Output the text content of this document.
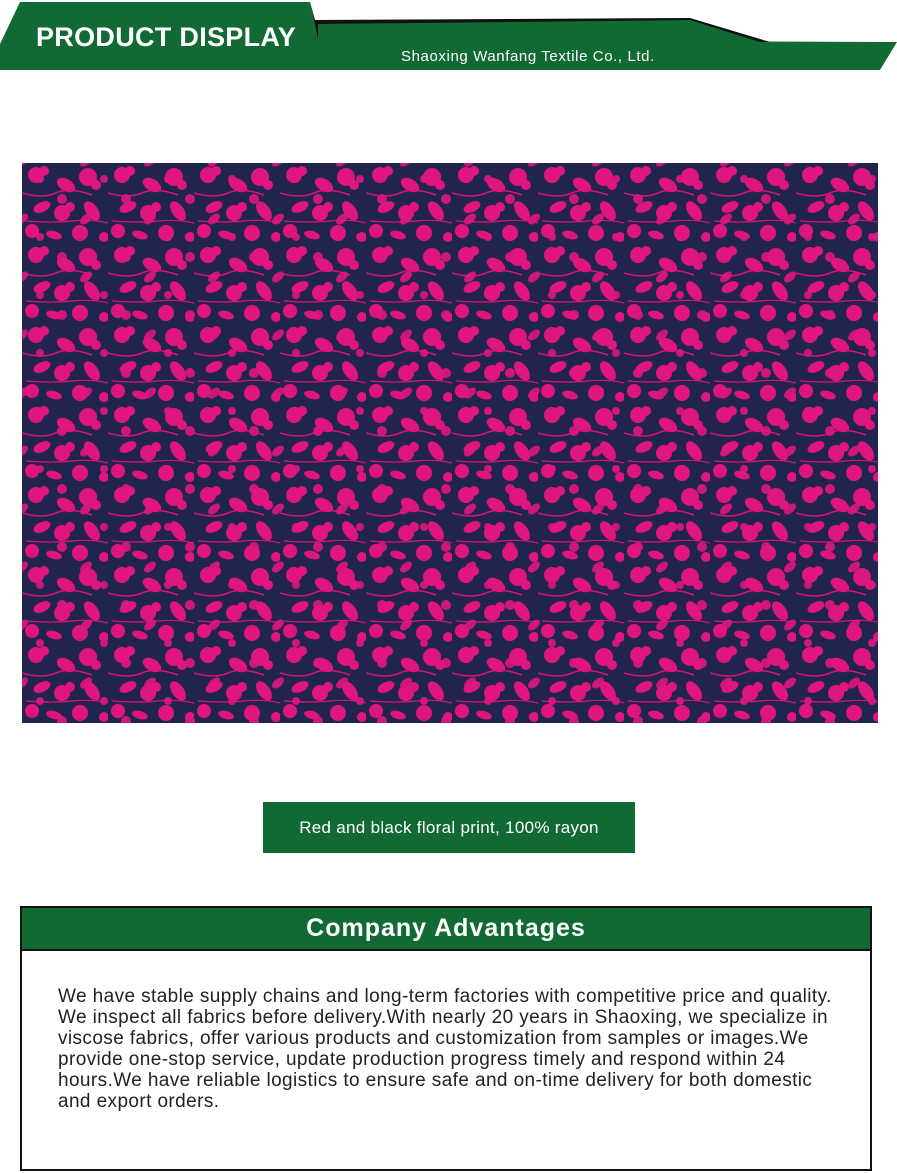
PRODUCT DISPLAY
Shaoxing Wanfang Textile Co., Ltd.
Red and black floral print, 100% rayon
Company Advantages
We have stable supply chains and long-term factories with competitive price and quality. We inspect all fabrics before delivery.With nearly 20 years in Shaoxing, we specialize in viscose fabrics, offer various products and customization from samples or images.We provide one-stop service, update production progress timely and respond within 24 hours.We have reliable logistics to ensure safe and on-time delivery for both domestic and export orders.
